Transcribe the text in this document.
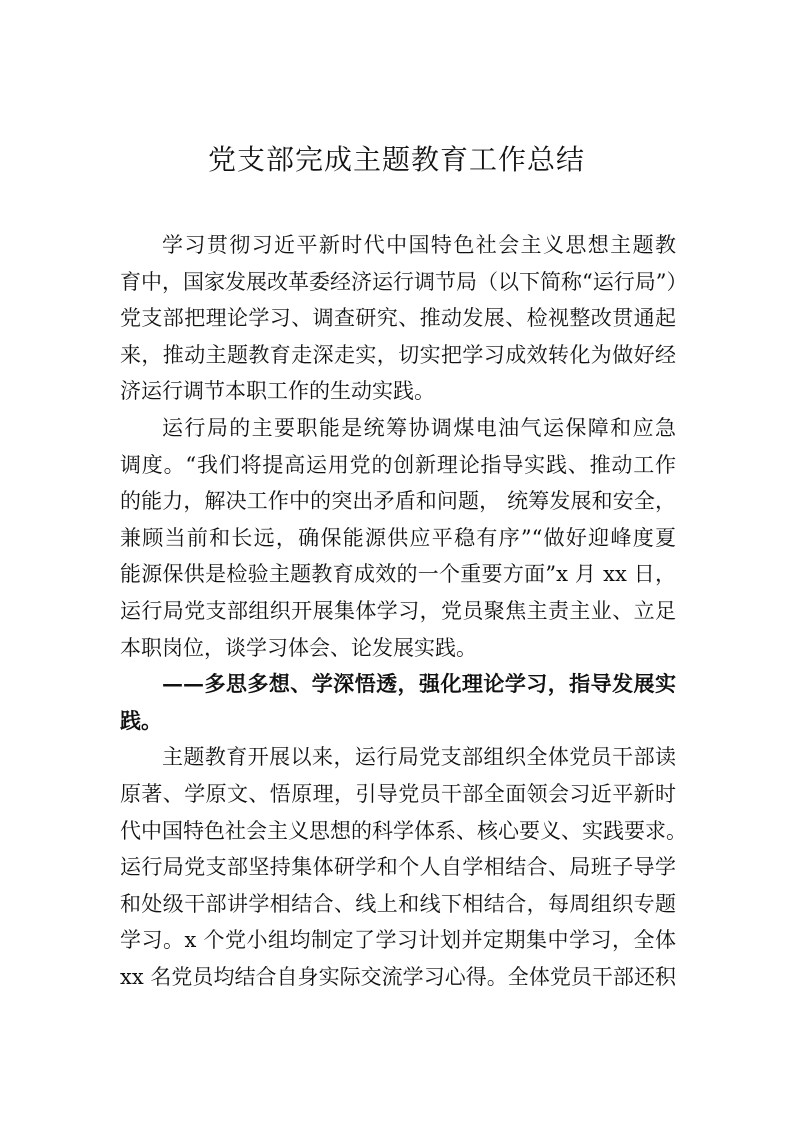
党支部完成主题教育工作总结
学习贯彻习近平新时代中国特色社会主义思想主题教
育中，国家发展改革委经济运行调节局（以下简称“运行局”）
党支部把理论学习、调查研究、推动发展、检视整改贯通起
来，推动主题教育走深走实，切实把学习成效转化为做好经
济运行调节本职工作的生动实践。
运行局的主要职能是统筹协调煤电油气运保障和应急
调度。“我们将提高运用党的创新理论指导实践、推动工作
的能力，解决工作中的突出矛盾和问题， 统筹发展和安全，
兼顾当前和长远，确保能源供应平稳有序”“做好迎峰度夏
能源保供是检验主题教育成效的一个重要方面”x 月 xx 日，
运行局党支部组织开展集体学习，党员聚焦主责主业、立足
本职岗位，谈学习体会、论发展实践。
——多思多想、学深悟透，强化理论学习，指导发展实
践。
主题教育开展以来，运行局党支部组织全体党员干部读
原著、学原文、悟原理，引导党员干部全面领会习近平新时
代中国特色社会主义思想的科学体系、核心要义、实践要求。
运行局党支部坚持集体研学和个人自学相结合、局班子导学
和处级干部讲学相结合、线上和线下相结合，每周组织专题
学习。x 个党小组均制定了学习计划并定期集中学习，全体
xx 名党员均结合自身实际交流学习心得。全体党员干部还积
